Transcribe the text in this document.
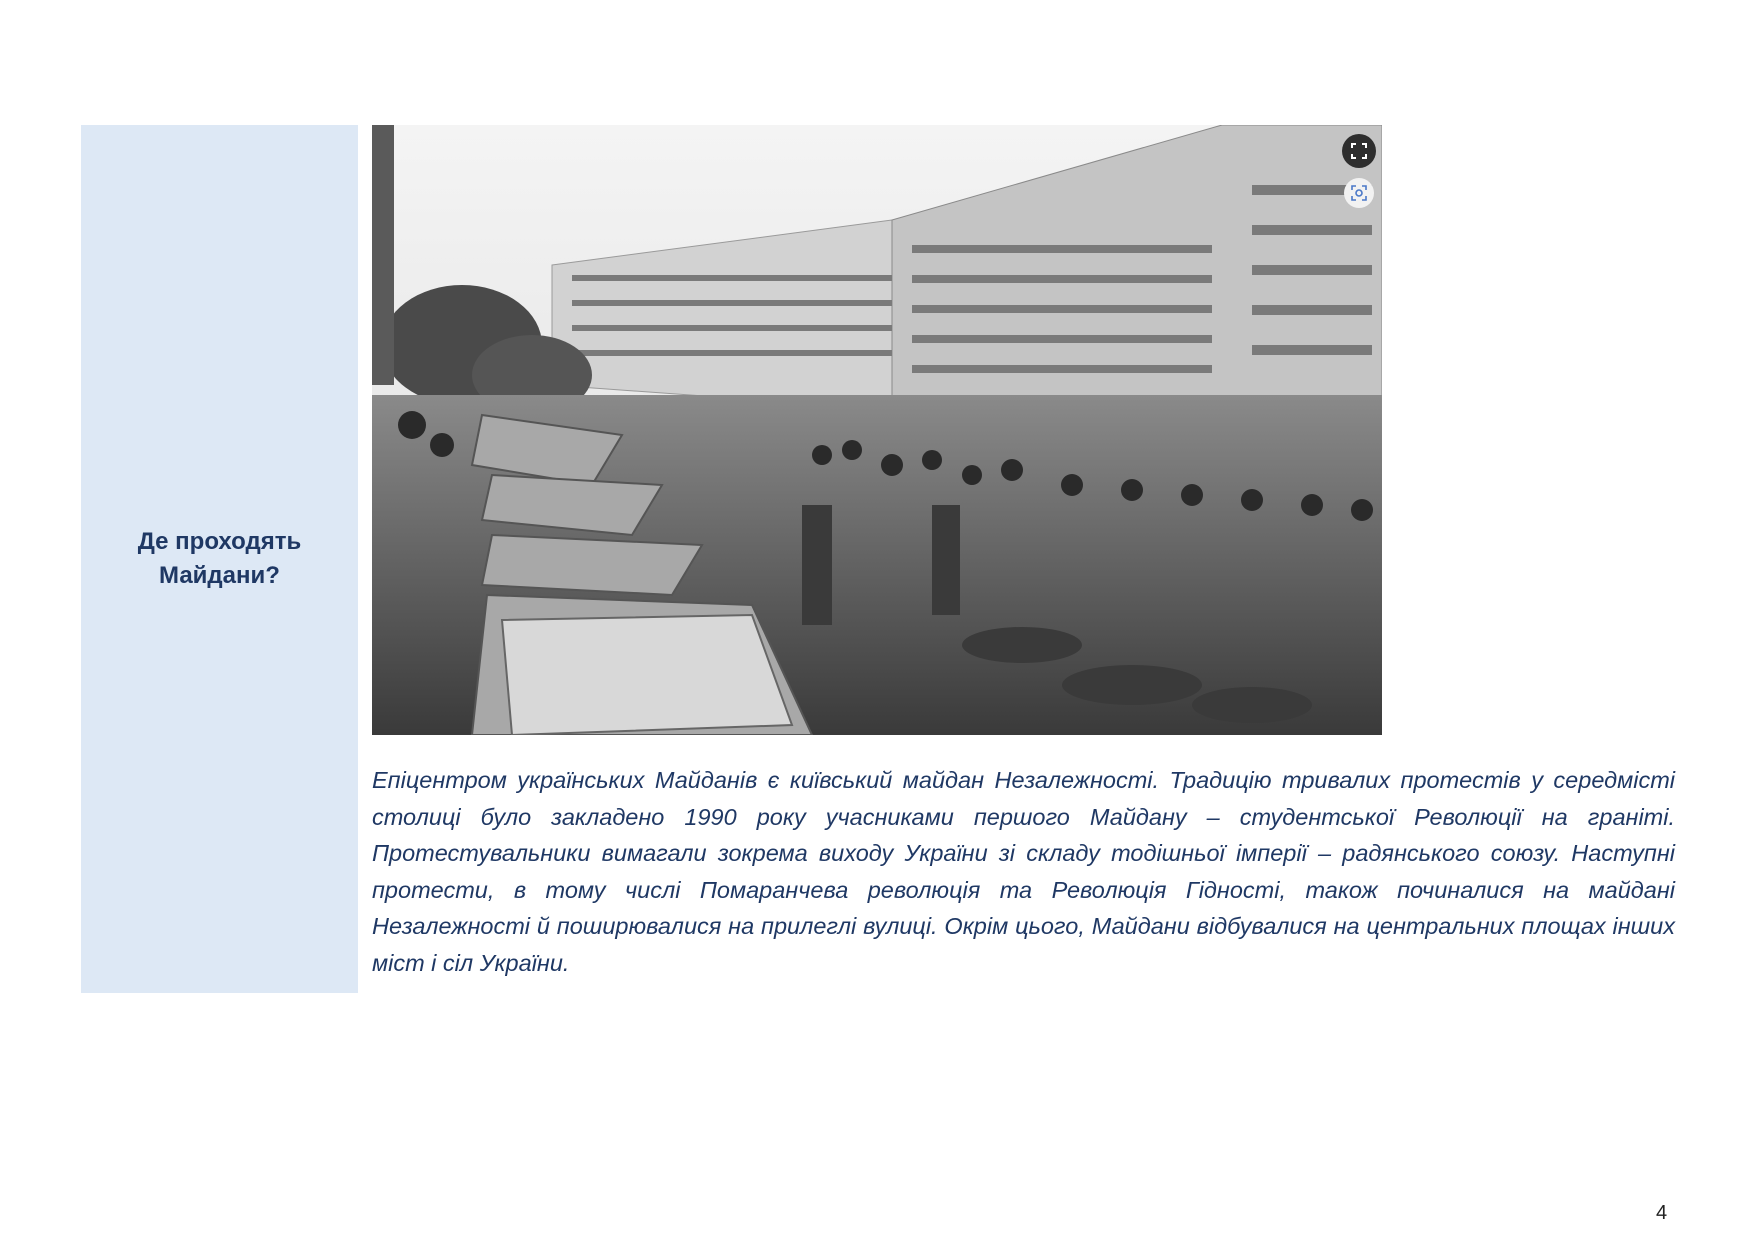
Де проходять Майдани?

Епіцентром українських Майданів є київський майдан Незалежності. Традицію тривалих протестів у середмісті столиці було закладено 1990 року учасниками першого Майдану – студентської Революції на граніті. Протестувальники вимагали зокрема виходу України зі складу тодішньої імперії – радянського союзу. Наступні протести, в тому числі Помаранчева революція та Революція Гідності, також починалися на майдані Незалежності й поширювалися на прилеглі вулиці. Окрім цього, Майдани відбувалися на центральних площах інших міст і сіл України.

4
